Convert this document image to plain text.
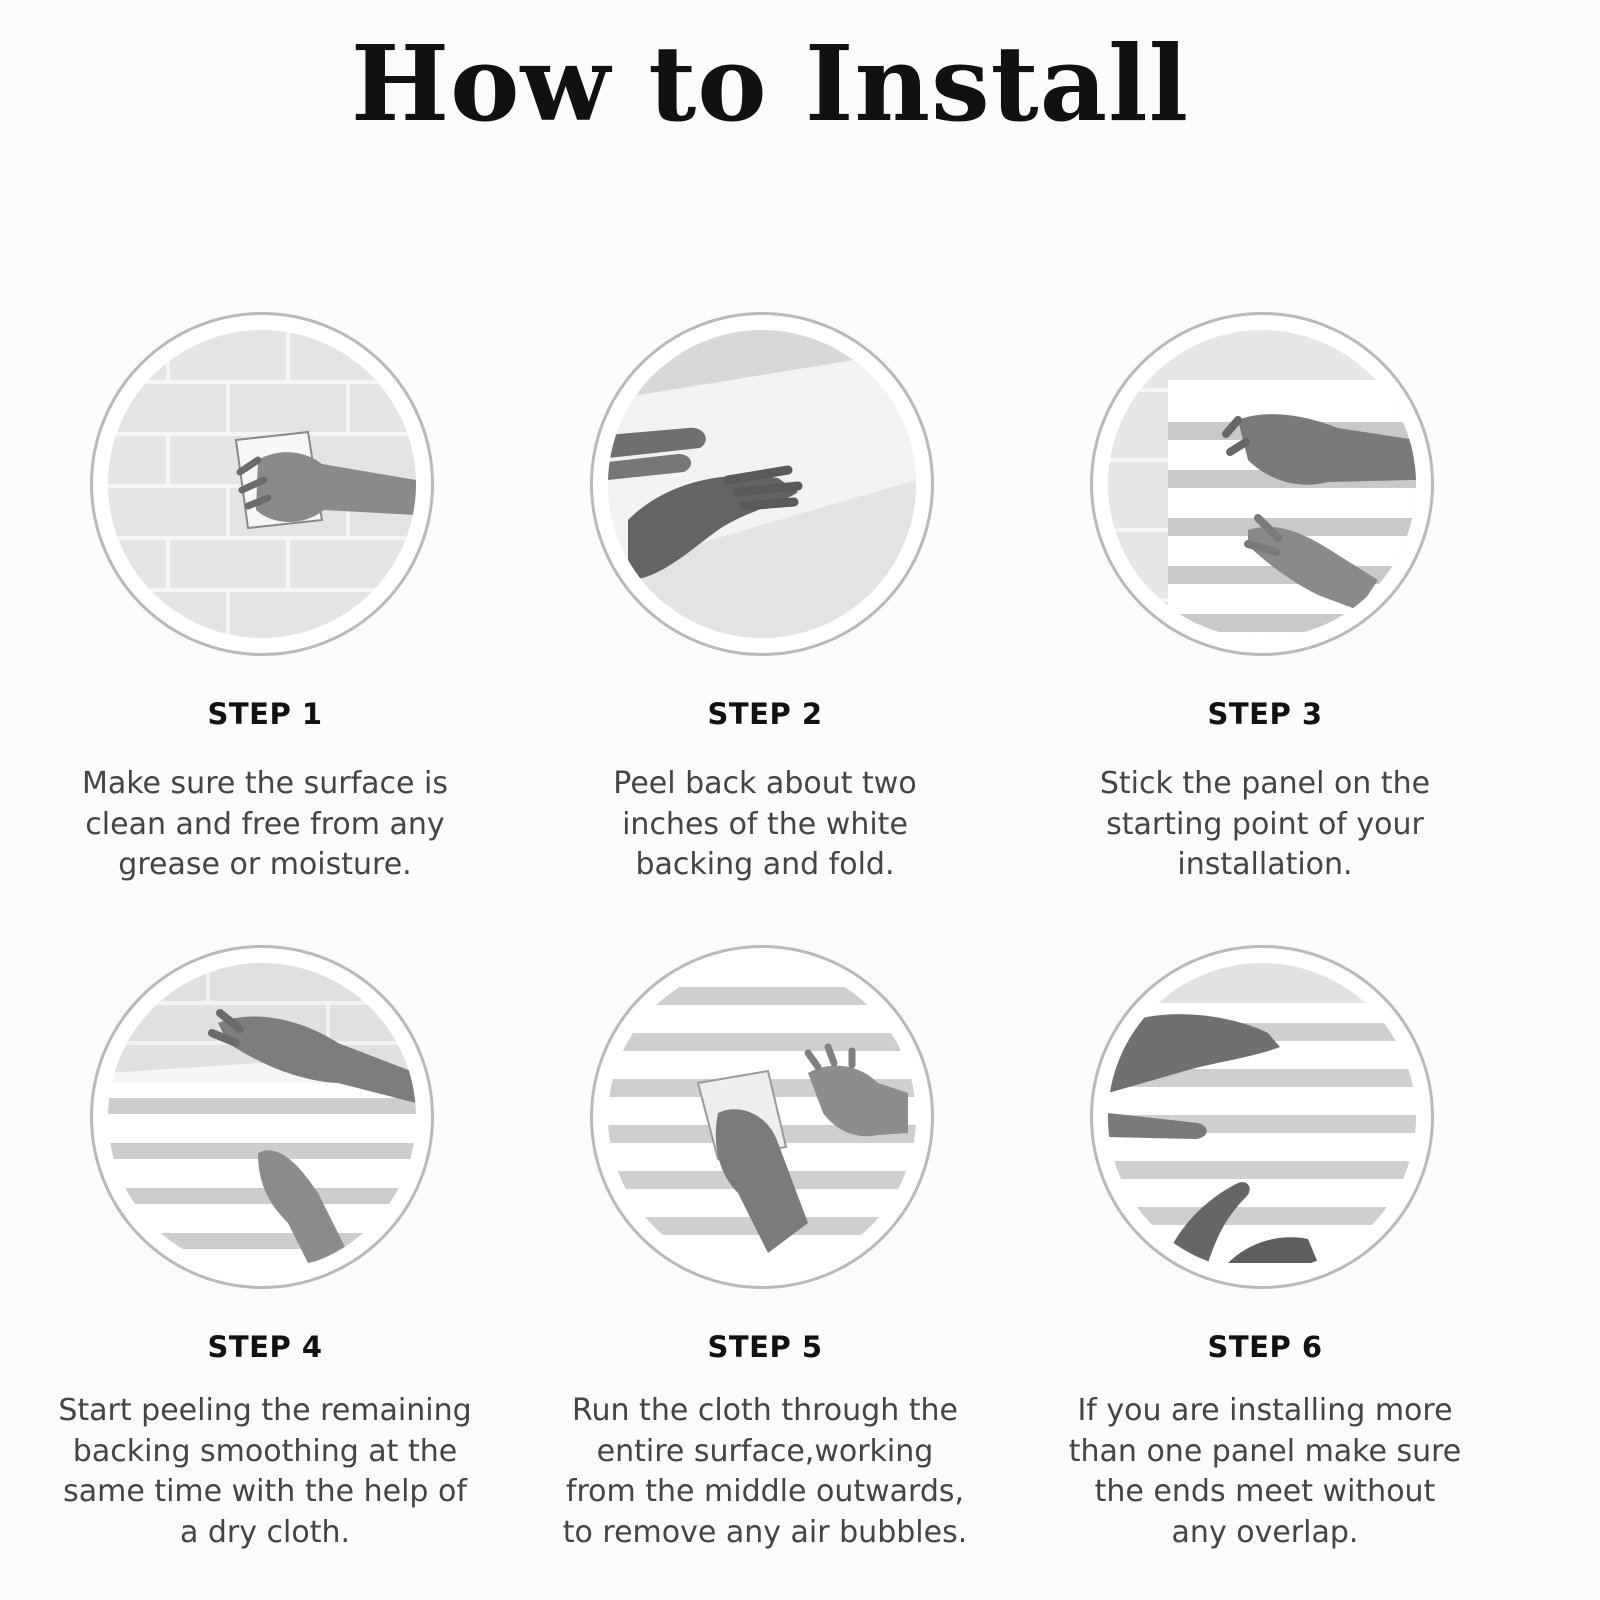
How to Install
STEP 1
Make sure the surface is
clean and free from any
grease or moisture.
STEP 2
Peel back about two
inches of the white
backing and fold.
STEP 3
Stick the panel on the
starting point of your
installation.
STEP 4
Start peeling the remaining
backing smoothing at the
same time with the help of
a dry cloth.
STEP 5
Run the cloth through the
entire surface,working
from the middle outwards,
to remove any air bubbles.
STEP 6
If you are installing more
than one panel make sure
the ends meet without
any overlap.
